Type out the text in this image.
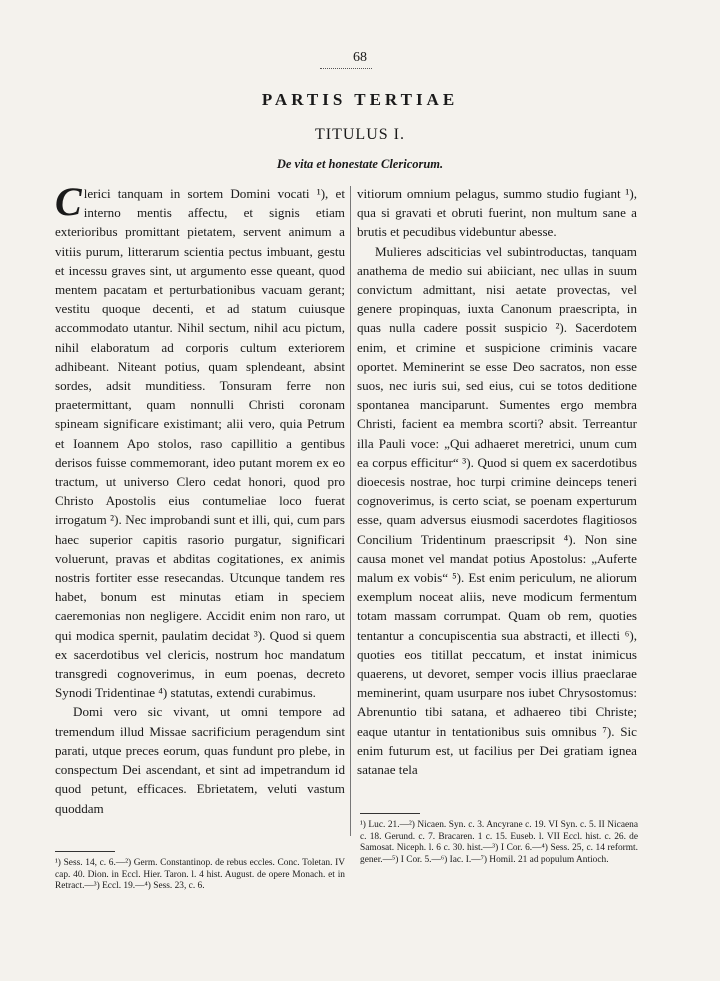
68
PARTIS TERTIAE
TITULUS I.
De vita et honestate Clericorum.

Clerici tanquam in sortem Domini vocati ¹), et interno mentis affectu, et signis etiam exterioribus promittant pietatem, servent animum a vitiis purum, litterarum scientia pectus imbuant, gestu et incessu graves sint, ut argumento esse queant, quod mentem pacatam et perturbationibus vacuam gerant; vestitu quoque decenti, et ad statum cuiusque accommodato utantur. Nihil sectum, nihil acu pictum, nihil elaboratum ad corporis cultum exteriorem adhibeant. Niteant potius, quam splendeant, absint sordes, adsit munditiess. Tonsuram ferre non praetermittant, quam nonnulli Christi coronam spineam significare existimant; alii vero, quia Petrum et Ioannem Apo stolos, raso capillitio a gentibus derisos fuisse commemorant, ideo putant morem ex eo tractum, ut universo Clero cedat honori, quod pro Christo Apostolis eius contumeliae loco fuerat irrogatum ²). Nec improbandi sunt et illi, qui, cum pars haec superior capitis rasorio purgatur, significari voluerunt, pravas et abditas cogitationes, ex animis nostris fortiter esse resecandas. Utcunque tandem res habet, bonum est minutas etiam in speciem caeremonias non negligere. Accidit enim non raro, ut qui modica spernit, paulatim decidat ³). Quod si quem ex sacerdotibus vel clericis, nostrum hoc mandatum transgredi cognoverimus, in eum poenas, decreto Synodi Tridentinae ⁴) statutas, extendi curabimus.

Domi vero sic vivant, ut omni tempore ad tremendum illud Missae sacrificium peragendum sint parati, utque preces eorum, quas fundunt pro plebe, in conspectum Dei ascendant, et sint ad impetrandum id quod petunt, efficaces. Ebrietatem, veluti vastum quoddam

vitiorum omnium pelagus, summo studio fugiant ¹), qua si gravati et obruti fuerint, non multum sane a brutis et pecudibus videbuntur abesse.

Mulieres adsciticias vel subintroductas, tanquam anathema de medio sui abiiciant, nec ullas in suum convictum admittant, nisi aetate provectas, vel genere propinquas, iuxta Canonum praescripta, in quas nulla cadere possit suspicio ²). Sacerdotem enim, et crimine et suspicione criminis vacare oportet. Meminerint se esse Deo sacratos, non esse suos, nec iuris sui, sed eius, cui se totos deditione spontanea manciparunt. Sumentes ergo membra Christi, facient ea membra scorti? absit. Terreantur illa Pauli voce: „Qui adhaeret meretrici, unum cum ea corpus efficitur“ ³). Quod si quem ex sacerdotibus dioecesis nostrae, hoc turpi crimine deinceps teneri cognoverimus, is certo sciat, se poenam experturum esse, quam adversus eiusmodi sacerdotes flagitiosos Concilium Tridentinum praescripsit ⁴). Non sine causa monet vel mandat potius Apostolus: „Auferte malum ex vobis“ ⁵). Est enim periculum, ne aliorum exemplum noceat aliis, neve modicum fermentum totam massam corrumpat. Quam ob rem, quoties tentantur a concupiscentia sua abstracti, et illecti ⁶), quoties eos titillat peccatum, et instat inimicus quaerens, ut devoret, semper vocis illius praeclarae meminerint, quam usurpare nos iubet Chrysostomus: Abrenuntio tibi satana, et adhaereo tibi Christe; eaque utantur in tentationibus suis omnibus ⁷). Sic enim futurum est, ut facilius per Dei gratiam ignea satanae tela

¹) Sess. 14, c. 6.—²) Germ. Constantinop. de rebus eccles. Conc. Toletan. IV cap. 40. Dion. in Eccl. Hier. Taron. l. 4 hist. August. de opere Monach. et in Retract.—³) Eccl. 19.—⁴) Sess. 23, c. 6.
¹) Luc. 21.—²) Nicaen. Syn. c. 3. Ancyrane c. 19. VI Syn. c. 5. II Nicaena c. 18. Gerund. c. 7. Bracaren. 1 c. 15. Euseb. l. VII Eccl. hist. c. 26. de Samosat. Niceph. l. 6 c. 30. hist.—³) I Cor. 6.—⁴) Sess. 25, c. 14 reformt. gener.—⁵) I Cor. 5.—⁶) Iac. I.—⁷) Homil. 21 ad populum Antioch.
